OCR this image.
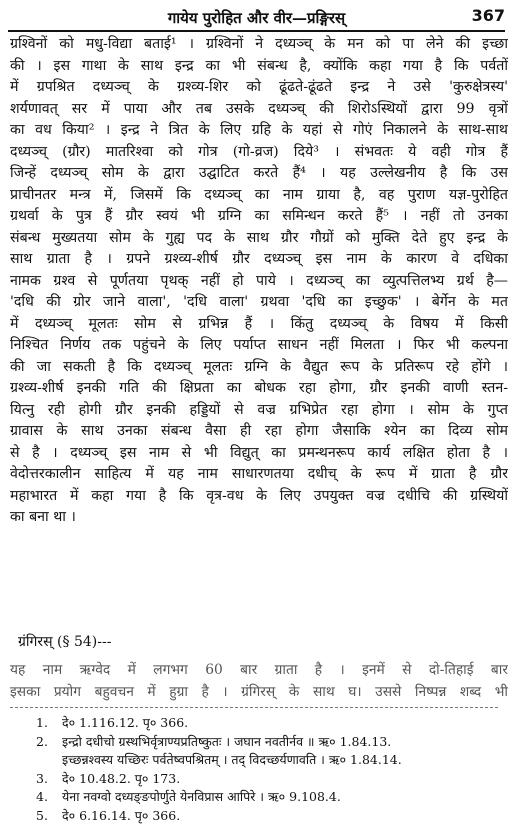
गायेय पुरोहित और वीर—प्रङ्गिरस्	367
ग्रश्विनों को मधु-विद्या बताई¹ । ग्रश्विनों ने दध्यञ्च् के मन को पा लेने की इच्छा
की । इस गाथा के साथ इन्द्र का भी संबन्ध है, क्योंकि कहा गया है कि पर्वतों
में ग्रपश्रित दध्यञ्च् के ग्रश्व्य-शिर को ढूंढते-ढूंढते इन्द्र ने उसे 'कुरुक्षेत्रस्य'
शर्यणावत् सर में पाया और तब उसके दध्यञ्च् की शिरोऽस्थियों द्वारा 99 वृत्रों
का वध किया² । इन्द्र ने त्रित के लिए ग्रहि के यहां से गोएं निकालने के साथ-साथ
दध्यञ्च् (ग्रौर) मातरिश्वा को गोत्र (गो-व्रज) दिये³ । संभवतः ये वही गोत्र हैं
जिन्हें दध्यञ्च् सोम के द्वारा उद्घाटित करते हैं⁴ । यह उल्लेखनीय है कि उस
प्राचीनतर मन्त्र में, जिसमें कि दध्यञ्च् का नाम ग्राया है, वह पुराण यज्ञ-पुरोहित
ग्रथर्वा के पुत्र हैं ग्रौर स्वयं भी ग्रग्नि का समिन्धन करते हैं⁵ । नहीं तो उनका
संबन्ध मुख्यतया सोम के गुह्य पद के साथ ग्रौर गौग्रों को मुक्ति देते हुए इन्द्र के
साथ ग्राता है । ग्रपने ग्रश्व्य-शीर्ष ग्रौर दध्यञ्च् इस नाम के कारण वे दधिका
नामक ग्रश्व से पूर्णतया पृथक् नहीं हो पाये । दध्यञ्च् का व्युत्पत्तिलभ्य ग्रर्थ है—
'दधि की ग्रोर जाने वाला', 'दधि वाला' ग्रथवा 'दधि का इच्छुक' । बेर्गेन के मत
में दध्यञ्च् मूलतः सोम से ग्रभिन्न हैं । किंतु दध्यञ्च् के विषय में किसी
निश्चित निर्णय तक पहुंचने के लिए पर्याप्त साधन नहीं मिलता । फिर भी कल्पना
की जा सकती है कि दध्यञ्च् मूलतः ग्रग्नि के वैद्युत रूप के प्रतिरूप रहे होंगे ।
ग्रश्व्य-शीर्ष इनकी गति की क्षिप्रता का बोधक रहा होगा, ग्रौर इनकी वाणी स्तन-
यित्नु रही होगी ग्रौर इनकी हड्डियों से वज्र ग्रभिप्रेत रहा होगा । सोम के गुप्त
ग्रावास के साथ उनका संबन्ध वैसा ही रहा होगा जैसाकि श्येन का दिव्य सोम
से है । दध्यञ्च् इस नाम से भी विद्युत् का प्रमन्थनरूप कार्य लक्षित होता है ।
वेदोत्तरकालीन साहित्य में यह नाम साधारणतया दधीच् के रूप में ग्राता है ग्रौर
महाभारत में कहा गया है कि वृत्र-वध के लिए उपयुक्त वज्र दधीचि की ग्रस्थियों
का बना था ।
ग्रंगिरस् (§ 54)---
यह नाम ऋग्वेद में लगभग 60 बार ग्राता है । इनमें से दो-तिहाई बार
इसका प्रयोग बहुवचन में हुग्रा है । ग्रंगिरस् के साथ घ। उससे निष्पन्न शब्द भी
1.	दे० 1.116.12. पृ० 366.
2.	इन्द्रो दधीचो ग्रस्थभिर्वृत्राण्यप्रतिष्कुतः । जघान नवतीर्नव ॥ ऋ० 1.84.13.
इच्छन्नश्वस्य यच्छिरः पर्वतेष्वपश्रितम् । तद् विदच्छर्यणावति । ऋ० 1.84.14.
3.	दे० 10.48.2. पृ० 173.
4.	येना नवग्वो दध्यङ्ङपोर्णुते येनविप्रास आपिरे । ऋ० 9.108.4.
5.	दे० 6.16.14. पृ० 366.
